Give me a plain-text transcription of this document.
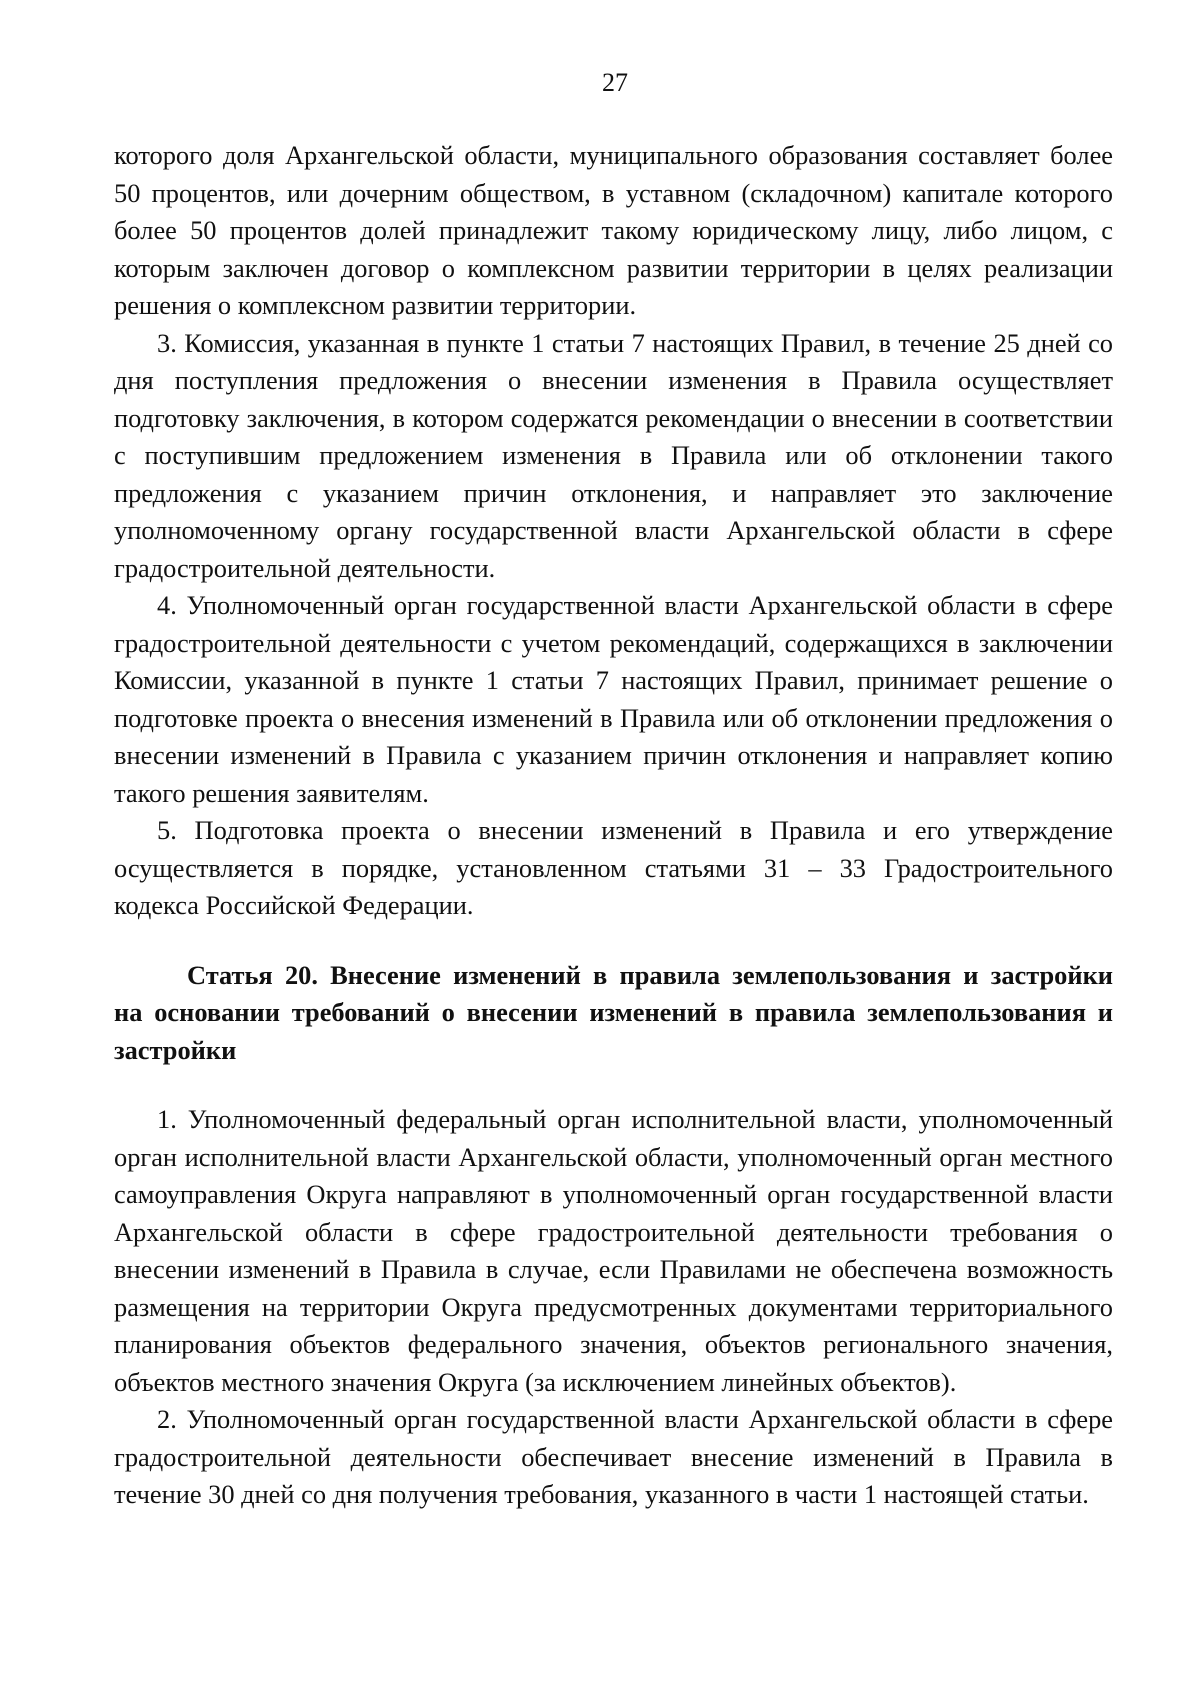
27

которого доля Архангельской области, муниципального образования составляет более 50 процентов, или дочерним обществом, в уставном (складочном) капитале которого более 50 процентов долей принадлежит такому юридическому лицу, либо лицом, с которым заключен договор о комплексном развитии территории в целях реализации решения о комплексном развитии территории.

3. Комиссия, указанная в пункте 1 статьи 7 настоящих Правил, в течение 25 дней со дня поступления предложения о внесении изменения в Правила осуществляет подготовку заключения, в котором содержатся рекомендации о внесении в соответствии с поступившим предложением изменения в Правила или об отклонении такого предложения с указанием причин отклонения, и направляет это заключение уполномоченному органу государственной власти Архангельской области в сфере градостроительной деятельности.

4. Уполномоченный орган государственной власти Архангельской области в сфере градостроительной деятельности с учетом рекомендаций, содержащихся в заключении Комиссии, указанной в пункте 1 статьи 7 настоящих Правил, принимает решение о подготовке проекта о внесения изменений в Правила или об отклонении предложения о внесении изменений в Правила с указанием причин отклонения и направляет копию такого решения заявителям.

5. Подготовка проекта о внесении изменений в Правила и его утверждение осуществляется в порядке, установленном статьями 31 – 33 Градостроительного кодекса Российской Федерации.

Статья 20. Внесение изменений в правила землепользования и застройки на основании требований о внесении изменений в правила землепользования и застройки

1. Уполномоченный федеральный орган исполнительной власти, уполномоченный орган исполнительной власти Архангельской области, уполномоченный орган местного самоуправления Округа направляют в уполномоченный орган государственной власти Архангельской области в сфере градостроительной деятельности требования о внесении изменений в Правила в случае, если Правилами не обеспечена возможность размещения на территории Округа предусмотренных документами территориального планирования объектов федерального значения, объектов регионального значения, объектов местного значения Округа (за исключением линейных объектов).

2. Уполномоченный орган государственной власти Архангельской области в сфере градостроительной деятельности обеспечивает внесение изменений в Правила в течение 30 дней со дня получения требования, указанного в части 1 настоящей статьи.
